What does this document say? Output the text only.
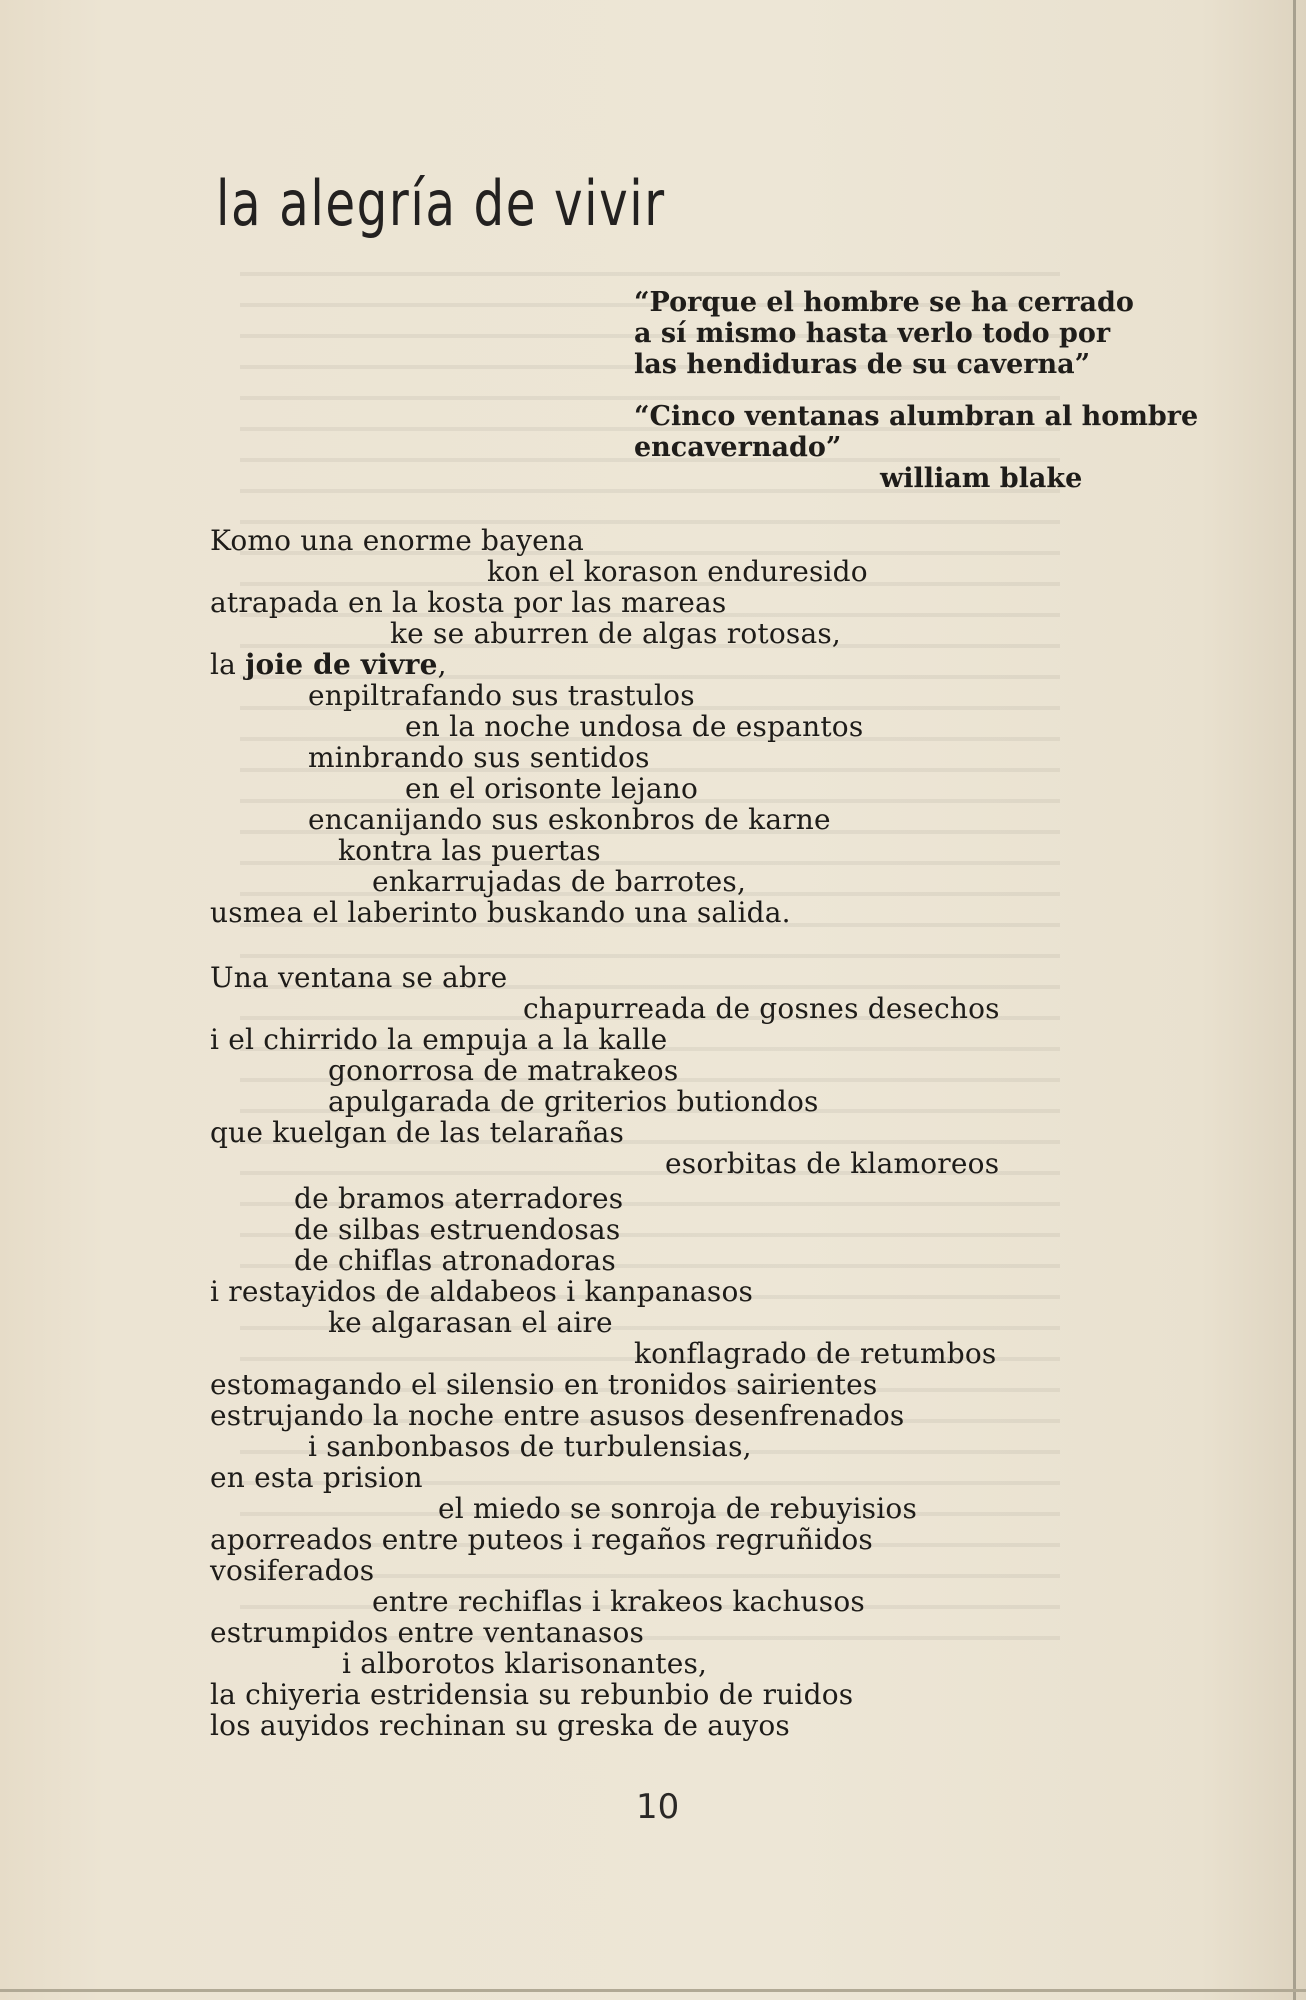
la alegría de vivir
“Porque el hombre se ha cerrado
a sí mismo hasta verlo todo por
las hendiduras de su caverna”
“Cinco ventanas alumbran al hombre
encavernado”
william blake
Komo una enorme bayena
kon el korason enduresido
atrapada en la kosta por las mareas
ke se aburren de algas rotosas,
la joie de vivre,
enpiltrafando sus trastulos
en la noche undosa de espantos
minbrando sus sentidos
en el orisonte lejano
encanijando sus eskonbros de karne
kontra las puertas
enkarrujadas de barrotes,
usmea el laberinto buskando una salida.
Una ventana se abre
chapurreada de gosnes desechos
i el chirrido la empuja a la kalle
gonorrosa de matrakeos
apulgarada de griterios butiondos
que kuelgan de las telarañas
esorbitas de klamoreos
de bramos aterradores
de silbas estruendosas
de chiflas atronadoras
i restayidos de aldabeos i kanpanasos
ke algarasan el aire
konflagrado de retumbos
estomagando el silensio en tronidos sairientes
estrujando la noche entre asusos desenfrenados
i sanbonbasos de turbulensias,
en esta prision
el miedo se sonroja de rebuyisios
aporreados entre puteos i regaños regruñidos
vosiferados
entre rechiflas i krakeos kachusos
estrumpidos entre ventanasos
i alborotos klarisonantes,
la chiyeria estridensia su rebunbio de ruidos
los auyidos rechinan su greska de auyos
10
